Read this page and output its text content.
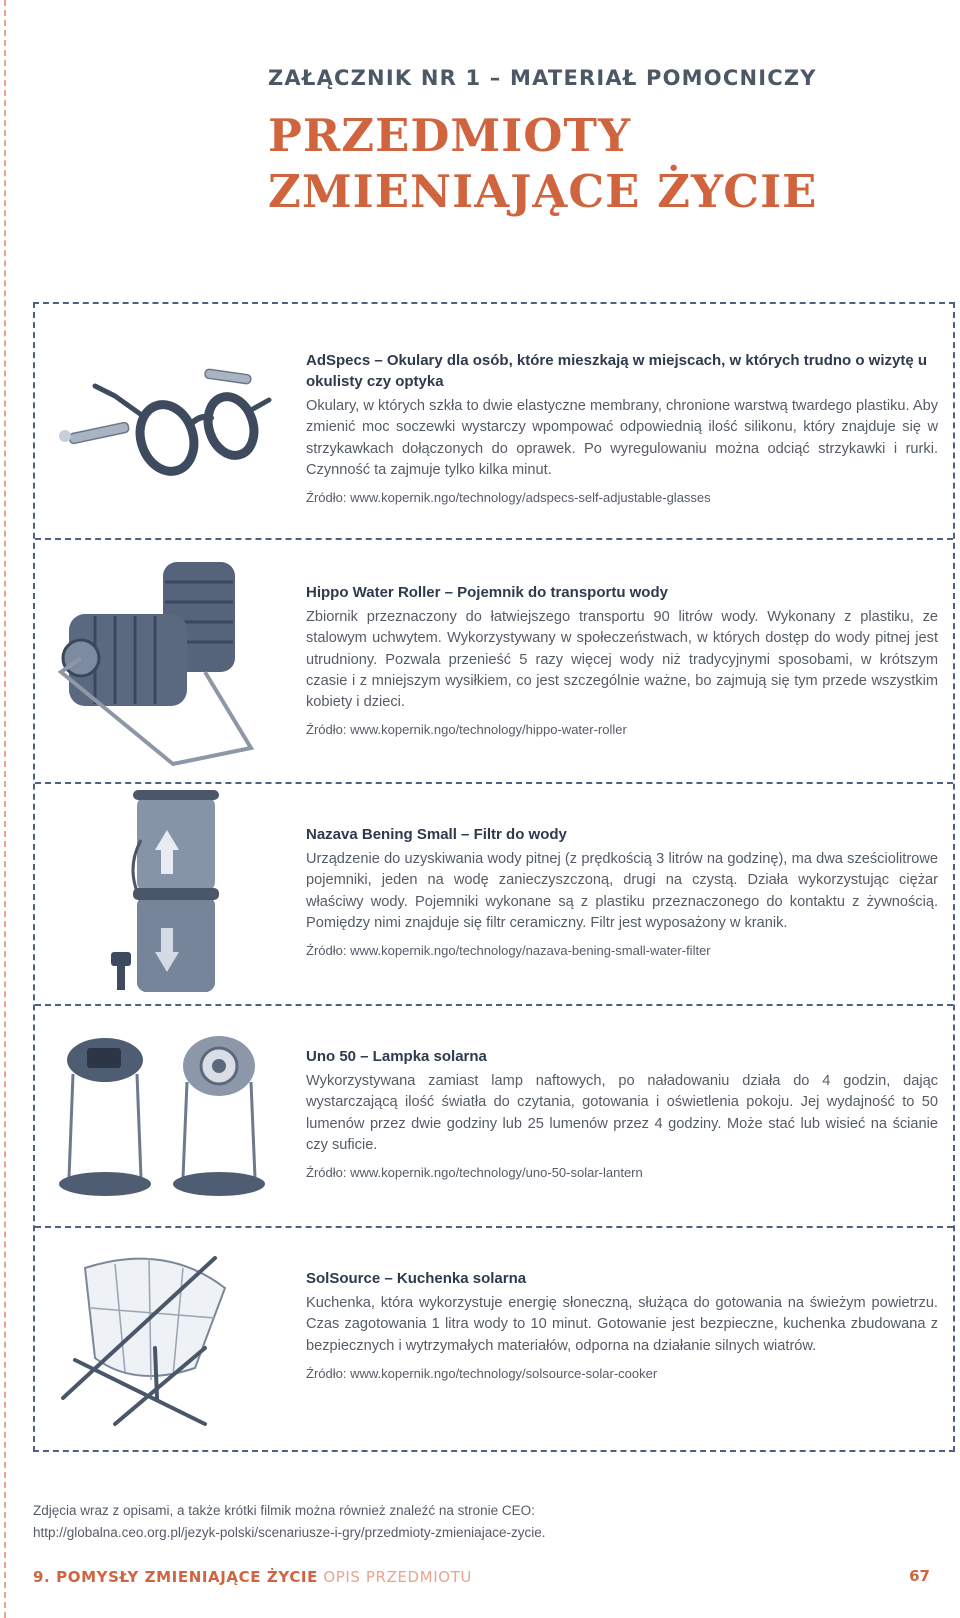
ZAŁĄCZNIK NR 1 – MATERIAŁ POMOCNICZY
PRZEDMIOTY
ZMIENIAJĄCE ŻYCIE
AdSpecs – Okulary dla osób, które mieszkają w miejscach, w których trudno o wizytę u okulisty czy optyka

Okulary, w których szkła to dwie elastyczne membrany, chronione warstwą twardego plastiku. Aby zmienić moc soczewki wystarczy wpompować odpowiednią ilość silikonu, który znajduje się w strzykawkach dołączonych do oprawek. Po wyregulowaniu można odciąć strzykawki i rurki. Czynność ta zajmuje tylko kilka minut.

Źródło: www.kopernik.ngo/technology/adspecs-self-adjustable-glasses
Hippo Water Roller – Pojemnik do transportu wody

Zbiornik przeznaczony do łatwiejszego transportu 90 litrów wody. Wykonany z plastiku, ze stalowym uchwytem. Wykorzystywany w społeczeństwach, w których dostęp do wody pitnej jest utrudniony. Pozwala przenieść 5 razy więcej wody niż tradycyjnymi sposobami, w krótszym czasie i z mniejszym wysiłkiem, co jest szczególnie ważne, bo zajmują się tym przede wszystkim kobiety i dzieci.

Źródło: www.kopernik.ngo/technology/hippo-water-roller
Nazava Bening Small – Filtr do wody

Urządzenie do uzyskiwania wody pitnej (z prędkością 3 litrów na godzinę), ma dwa sześciolitrowe pojemniki, jeden na wodę zanieczyszczoną, drugi na czystą. Działa wykorzystując ciężar właściwy wody. Pojemniki wykonane są z plastiku przeznaczonego do kontaktu z żywnością. Pomiędzy nimi znajduje się filtr ceramiczny. Filtr jest wyposażony w kranik.

Źródło: www.kopernik.ngo/technology/nazava-bening-small-water-filter
Uno 50 – Lampka solarna

Wykorzystywana zamiast lamp naftowych, po naładowaniu działa do 4 godzin, dając wystarczającą ilość światła do czytania, gotowania i oświetlenia pokoju. Jej wydajność to 50 lumenów przez dwie godziny lub 25 lumenów przez 4 godziny. Może stać lub wisieć na ścianie czy suficie.

Źródło: www.kopernik.ngo/technology/uno-50-solar-lantern
SolSource – Kuchenka solarna

Kuchenka, która wykorzystuje energię słoneczną, służąca do gotowania na świeżym powietrzu. Czas zagotowania 1 litra wody to 10 minut. Gotowanie jest bezpieczne, kuchenka zbudowana z bezpiecznych i wytrzymałych materiałów, odporna na działanie silnych wiatrów.

Źródło: www.kopernik.ngo/technology/solsource-solar-cooker
Zdjęcia wraz z opisami, a także krótki filmik można również znaleźć na stronie CEO:
http://globalna.ceo.org.pl/jezyk-polski/scenariusze-i-gry/przedmioty-zmieniajace-zycie.
9. POMYSŁY ZMIENIAJĄCE ŻYCIE OPIS PRZEDMIOTU	67
